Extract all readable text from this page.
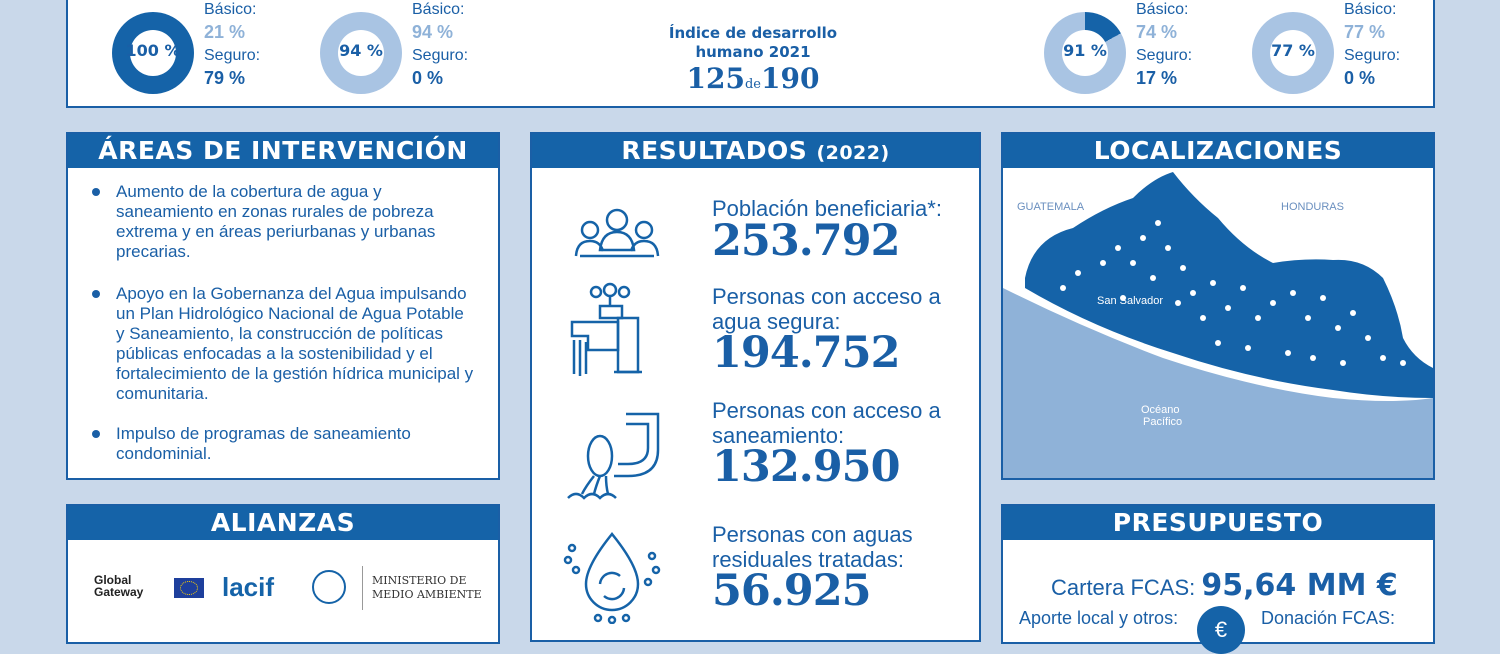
100 %
Básico:
21 %
Seguro:
79 %
94 %
Básico:
94 %
Seguro:
0 %
Índice de desarrollo
humano 2021
125de190
91 %
Básico:
74 %
Seguro:
17 %
77 %
Básico:
77 %
Seguro:
0 %
ÁREAS DE INTERVENCIÓN
Aumento de la cobertura de agua y saneamiento en zonas rurales de pobreza extrema y en áreas periurbanas y urbanas precarias.
Apoyo en la Gobernanza del Agua impulsando un Plan Hidrológico Nacional de Agua Potable y Saneamiento, la construcción de políticas públicas enfocadas a la sostenibilidad y el fortalecimiento de la gestión hídrica municipal y comunitaria.
Impulso de programas de saneamiento condominial.
RESULTADOS (2022)
Población beneficiaria*:
253.792
Personas con acceso a agua segura:
194.752
Personas con acceso a saneamiento:
132.950
Personas con aguas residuales tratadas:
56.925
LOCALIZACIONES
GUATEMALA	HONDURAS
San Salvador
Océano
Pacífico
ALIANZAS
Global
Gateway	lacif	MINISTERIO DE
MEDIO AMBIENTE
PRESUPUESTO
Cartera FCAS: 95,64 MM €
Aporte local y otros:	€	Donación FCAS:
